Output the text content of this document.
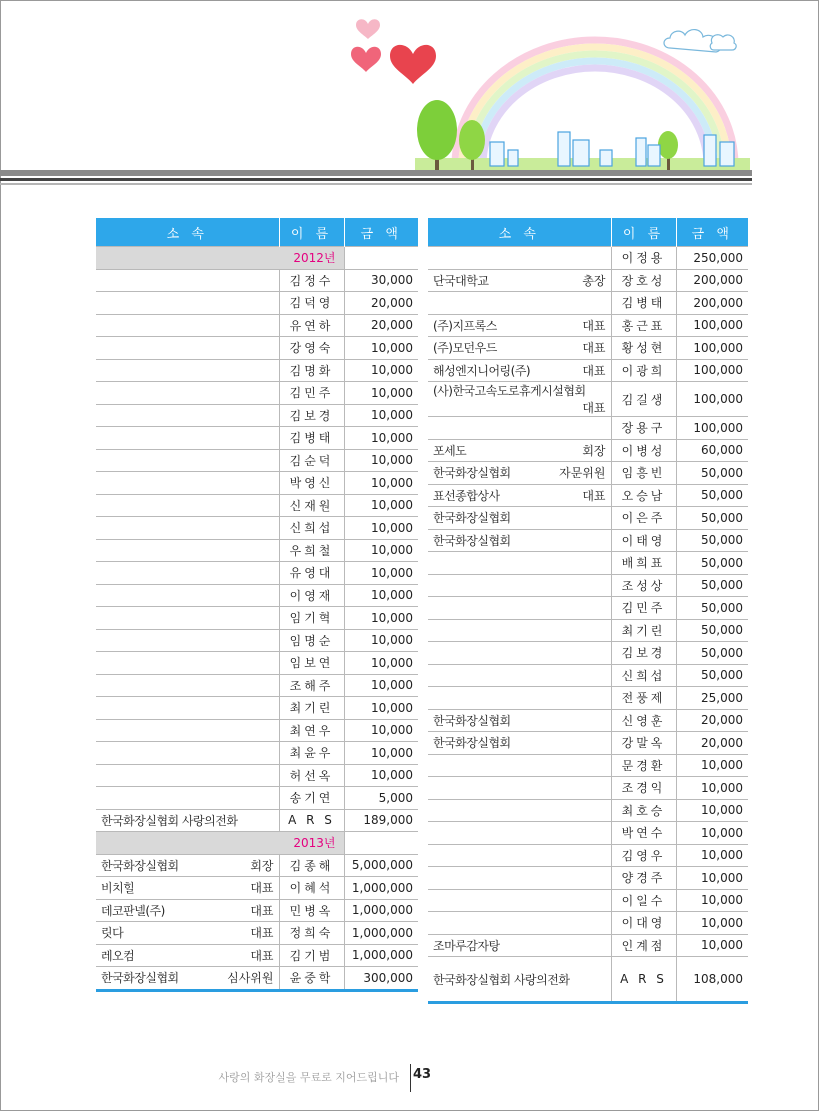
소 속	이 름	금 액
2012년		

	김정수	30,000

	김덕영	20,000

	유연하	20,000

	강영숙	10,000

	김명화	10,000

	김민주	10,000

	김보경	10,000

	김병태	10,000

	김순덕	10,000

	박영신	10,000

	신재원	10,000

	신희섭	10,000

	우희철	10,000

	유영대	10,000

	이영재	10,000

	임기혁	10,000

	임명순	10,000

	임보연	10,000

	조해주	10,000

	최기린	10,000

	최연우	10,000

	최윤우	10,000

	허선옥	10,000

	송기연	5,000

한국화장실협회 사랑의전화	A R S	189,000
2013년		

한국화장실협회 회장	김종해	5,000,000

비치힐 대표	이혜석	1,000,000

데코판넬(주) 대표	민병옥	1,000,000

릿다 대표	정희숙	1,000,000

레오컴 대표	김기범	1,000,000

한국화장실협회 심사위원	윤중학	300,000
소 속	이 름	금 액

	이정용	250,000

단국대학교 총장	장호성	200,000

	김병태	200,000

(주)지프록스 대표	홍근표	100,000

(주)모던우드 대표	황성현	100,000

해성엔지니어링(주) 대표	이광희	100,000

(사)한국고속도로휴게시설협회
대표	김길생	100,000

	장용구	100,000

포세도 회장	이병성	60,000

한국화장실협회 자문위원	임흥빈	50,000

표선종합상사 대표	오승남	50,000

한국화장실협회	이은주	50,000

한국화장실협회	이태영	50,000

	배희표	50,000

	조성상	50,000

	김민주	50,000

	최기린	50,000

	김보경	50,000

	신희섭	50,000

	전풍제	25,000

한국화장실협회	신영훈	20,000

한국화장실협회	강말옥	20,000

	문경환	10,000

	조경익	10,000

	최호승	10,000

	박연수	10,000

	김영우	10,000

	양경주	10,000

	이일수	10,000

	이대영	10,000

조마루감자탕	인계점	10,000

한국화장실협회 사랑의전화	A R S	108,000
사랑의 화장실을 무료로 지어드립니다 43
